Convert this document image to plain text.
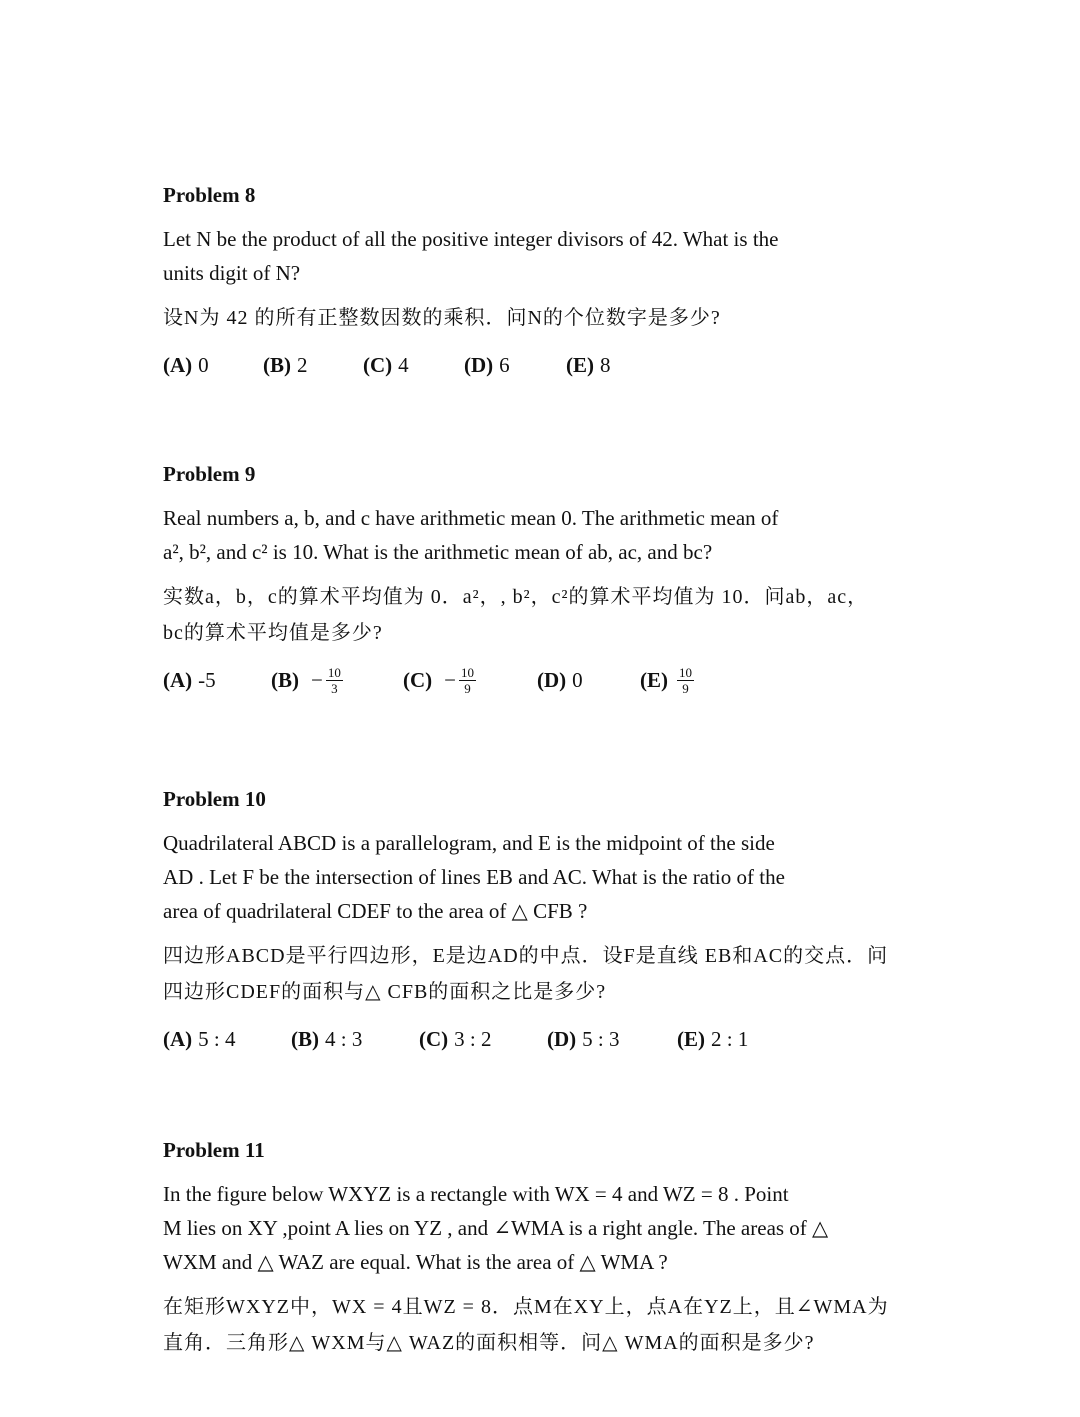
Problem 8

Let N be the product of all the positive integer divisors of 42. What is the
units digit of N?

设N为 42 的所有正整数因数的乘积．问N的个位数字是多少?

(A) 0	(B) 2	(C) 4	(D) 6	(E) 8

Problem 9

Real numbers a, b, and c have arithmetic mean 0. The arithmetic mean of
a², b², and c² is 10. What is the arithmetic mean of ab, ac, and bc?

实数a，b，c的算术平均值为 0．a²，, b²，c²的算术平均值为 10．问ab，ac，
bc的算术平均值是多少?

(A) -5	$(B) - \frac{10}{3}$	$(C) - \frac{10}{9}$	(D) 0	$(E) \frac{10}{9}$

Problem 10

Quadrilateral ABCD is a parallelogram, and E is the midpoint of the side
AD . Let F be the intersection of lines EB and AC. What is the ratio of the
area of quadrilateral CDEF to the area of △ CFB ?

四边形ABCD是平行四边形，E是边AD的中点．设F是直线 EB和AC的交点．问
四边形CDEF的面积与△ CFB的面积之比是多少?

(A) 5 : 4	(B) 4 : 3	(C) 3 : 2	(D) 5 : 3	(E) 2 : 1

Problem 11

In the figure below WXYZ is a rectangle with WX = 4 and WZ = 8 . Point
M lies on XY ,point A lies on YZ , and ∠WMA is a right angle. The areas of △
WXM and △ WAZ are equal. What is the area of △ WMA ?

在矩形WXYZ中，WX = 4且WZ = 8．点M在XY上，点A在YZ上，且∠WMA为
直角．三角形△ WXM与△ WAZ的面积相等．问△ WMA的面积是多少?
